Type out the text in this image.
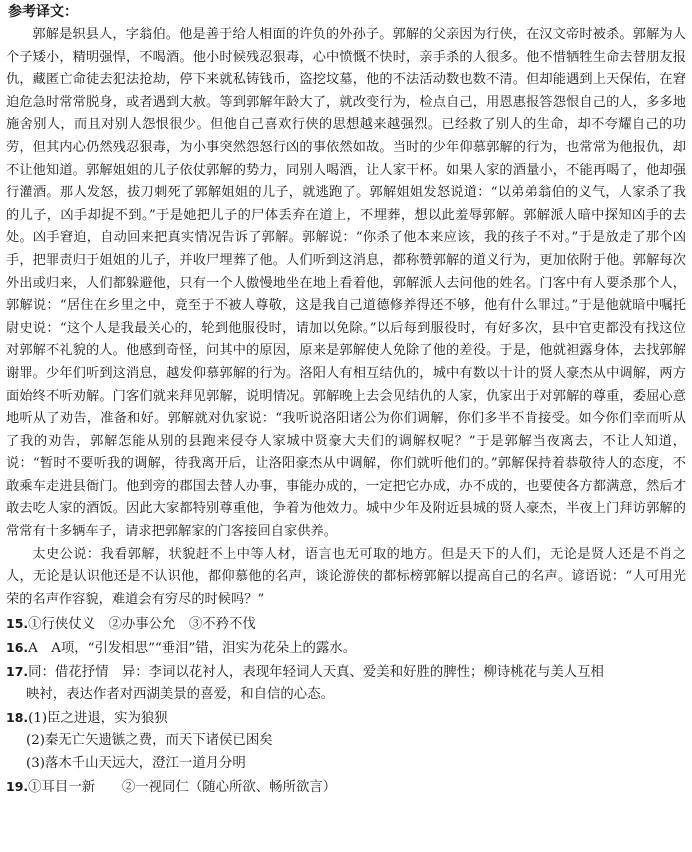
参考译文：

郭解是轵县人，字翁伯。他是善于给人相面的许负的外孙子。郭解的父亲因为行侠，在汉文帝时被杀。郭解为人个子矮小，精明强悍，不喝酒。他小时候残忍狠毒，心中愤慨不快时，亲手杀的人很多。他不惜牺牲生命去替朋友报仇，藏匿亡命徒去犯法抢劫，停下来就私铸钱币，盗挖坟墓，他的不法活动数也数不清。但却能遇到上天保佑，在窘迫危急时常常脱身，或者遇到大赦。等到郭解年龄大了，就改变行为，检点自己，用恩惠报答怨恨自己的人，多多地施舍别人，而且对别人怨恨很少。但他自己喜欢行侠的思想越来越强烈。已经救了别人的生命，却不夸耀自己的功劳，但其内心仍然残忍狠毒，为小事突然怨怒行凶的事依然如故。当时的少年仰慕郭解的行为，也常常为他报仇，却不让他知道。郭解姐姐的儿子依仗郭解的势力，同别人喝酒，让人家干杯。如果人家的酒量小，不能再喝了，他却强行灌酒。那人发怒，拔刀刺死了郭解姐姐的儿子，就逃跑了。郭解姐姐发怒说道：“以弟弟翁伯的义气，人家杀了我的儿子，凶手却捉不到。”于是她把儿子的尸体丢弃在道上，不埋葬，想以此羞辱郭解。郭解派人暗中探知凶手的去处。凶手窘迫，自动回来把真实情况告诉了郭解。郭解说：“你杀了他本来应该，我的孩子不对。”于是放走了那个凶手，把罪责归于姐姐的儿子，并收尸埋葬了他。人们听到这消息，都称赞郭解的道义行为，更加依附于他。郭解每次外出或归来，人们都躲避他，只有一个人傲慢地坐在地上看着他，郭解派人去问他的姓名。门客中有人要杀那个人，郭解说：“居住在乡里之中，竟至于不被人尊敬，这是我自己道德修养得还不够，他有什么罪过。”于是他就暗中嘱托尉史说：“这个人是我最关心的，轮到他服役时，请加以免除。”以后每到服役时，有好多次，县中官吏都没有找这位对郭解不礼貌的人。他感到奇怪，问其中的原因，原来是郭解使人免除了他的差役。于是，他就袒露身体，去找郭解谢罪。少年们听到这消息，越发仰慕郭解的行为。洛阳人有相互结仇的，城中有数以十计的贤人豪杰从中调解，两方面始终不听劝解。门客们就来拜见郭解，说明情况。郭解晚上去会见结仇的人家，仇家出于对郭解的尊重，委屈心意地听从了劝告，准备和好。郭解就对仇家说：“我听说洛阳诸公为你们调解，你们多半不肯接受。如今你们幸而听从了我的劝告，郭解怎能从别的县跑来侵夺人家城中贤豪大夫们的调解权呢？”于是郭解当夜离去，不让人知道，说：“暂时不要听我的调解，待我离开后，让洛阳豪杰从中调解，你们就听他们的。”郭解保持着恭敬待人的态度，不敢乘车走进县衙门。他到旁的郡国去替人办事，事能办成的，一定把它办成，办不成的，也要使各方都满意，然后才敢去吃人家的酒饭。因此大家都特别尊重他，争着为他效力。城中少年及附近县城的贤人豪杰，半夜上门拜访郭解的常常有十多辆车子，请求把郭解家的门客接回自家供养。

太史公说：我看郭解，状貌赶不上中等人材，语言也无可取的地方。但是天下的人们，无论是贤人还是不肖之人，无论是认识他还是不认识他，都仰慕他的名声，谈论游侠的都标榜郭解以提高自己的名声。谚语说：“人可用光荣的名声作容貌，难道会有穷尽的时候吗？”

15.①行侠仗义　②办事公允　③不矜不伐

16.A　A项，“引发相思”“垂泪”错，泪实为花朵上的露水。

17.同：借花抒情　异：李词以花衬人，表现年轻词人天真、爱美和好胜的脾性；柳诗桃花与美人互相

映衬，表达作者对西湖美景的喜爱，和自信的心态。

18.(1)臣之进退，实为狼狈

(2)秦无亡矢遗镞之费，而天下诸侯已困矣

(3)落木千山天远大，澄江一道月分明

19.①耳目一新　　②一视同仁（随心所欲、畅所欲言）
